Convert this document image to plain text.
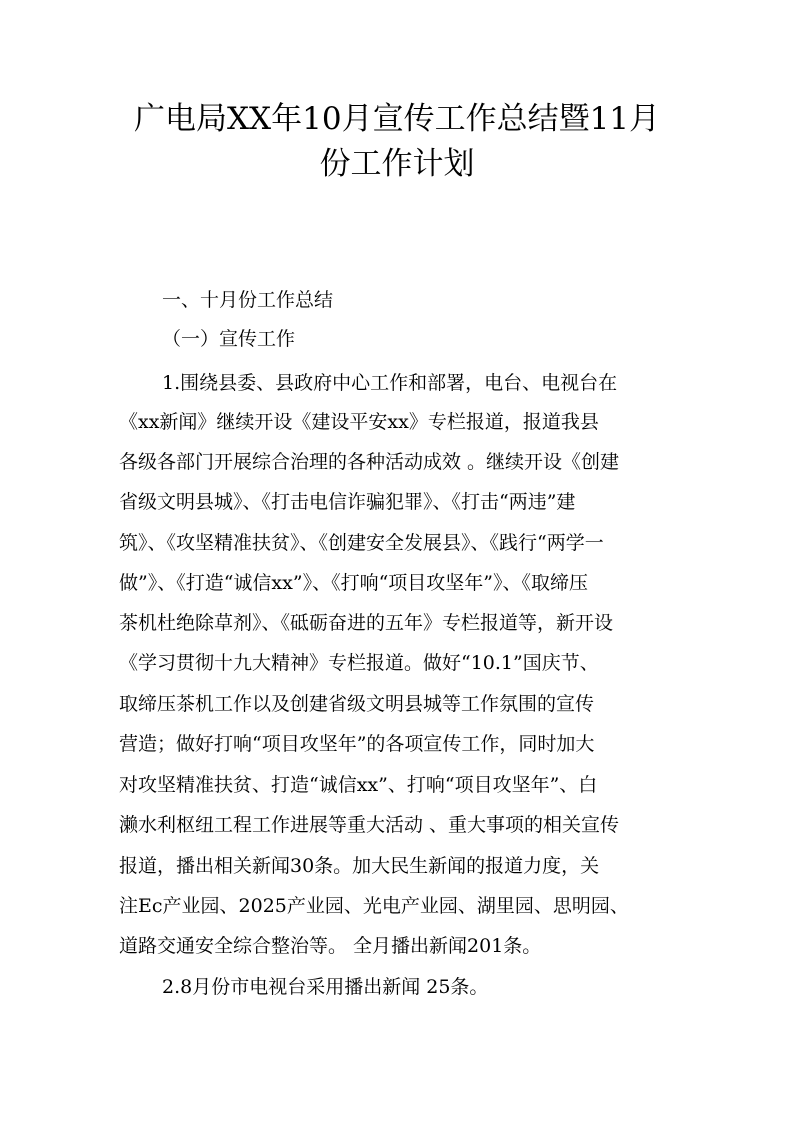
广电局XX年10月宣传工作总结暨11月
份工作计划

一、十月份工作总结

（一）宣传工作

1.围绕县委、县政府中心工作和部署，电台、电视台在

《xx新闻》继续开设《建设平安xx》专栏报道，报道我县

各级各部门开展综合治理的各种活动成效 。继续开设《创建

省级文明县城》、《打击电信诈骗犯罪》、《打击“两违”建

筑》、《攻坚精准扶贫》、《创建安全发展县》、《践行“两学一

做”》、《打造“诚信xx”》、《打响“项目攻坚年”》、《取缔压

茶机杜绝除草剂》、《砥砺奋进的五年》专栏报道等，新开设

《学习贯彻十九大精神》专栏报道。做好“10.1”国庆节、

取缔压茶机工作以及创建省级文明县城等工作氛围的宣传

营造；做好打响“项目攻坚年”的各项宣传工作，同时加大

对攻坚精准扶贫、打造“诚信xx”、打响“项目攻坚年”、白

濑水利枢纽工程工作进展等重大活动 、重大事项的相关宣传

报道，播出相关新闻30条。加大民生新闻的报道力度，关

注Ec产业园、2025产业园、光电产业园、湖里园、思明园、

道路交通安全综合整治等。 全月播出新闻201条。

2.8月份市电视台采用播出新闻 25条。
